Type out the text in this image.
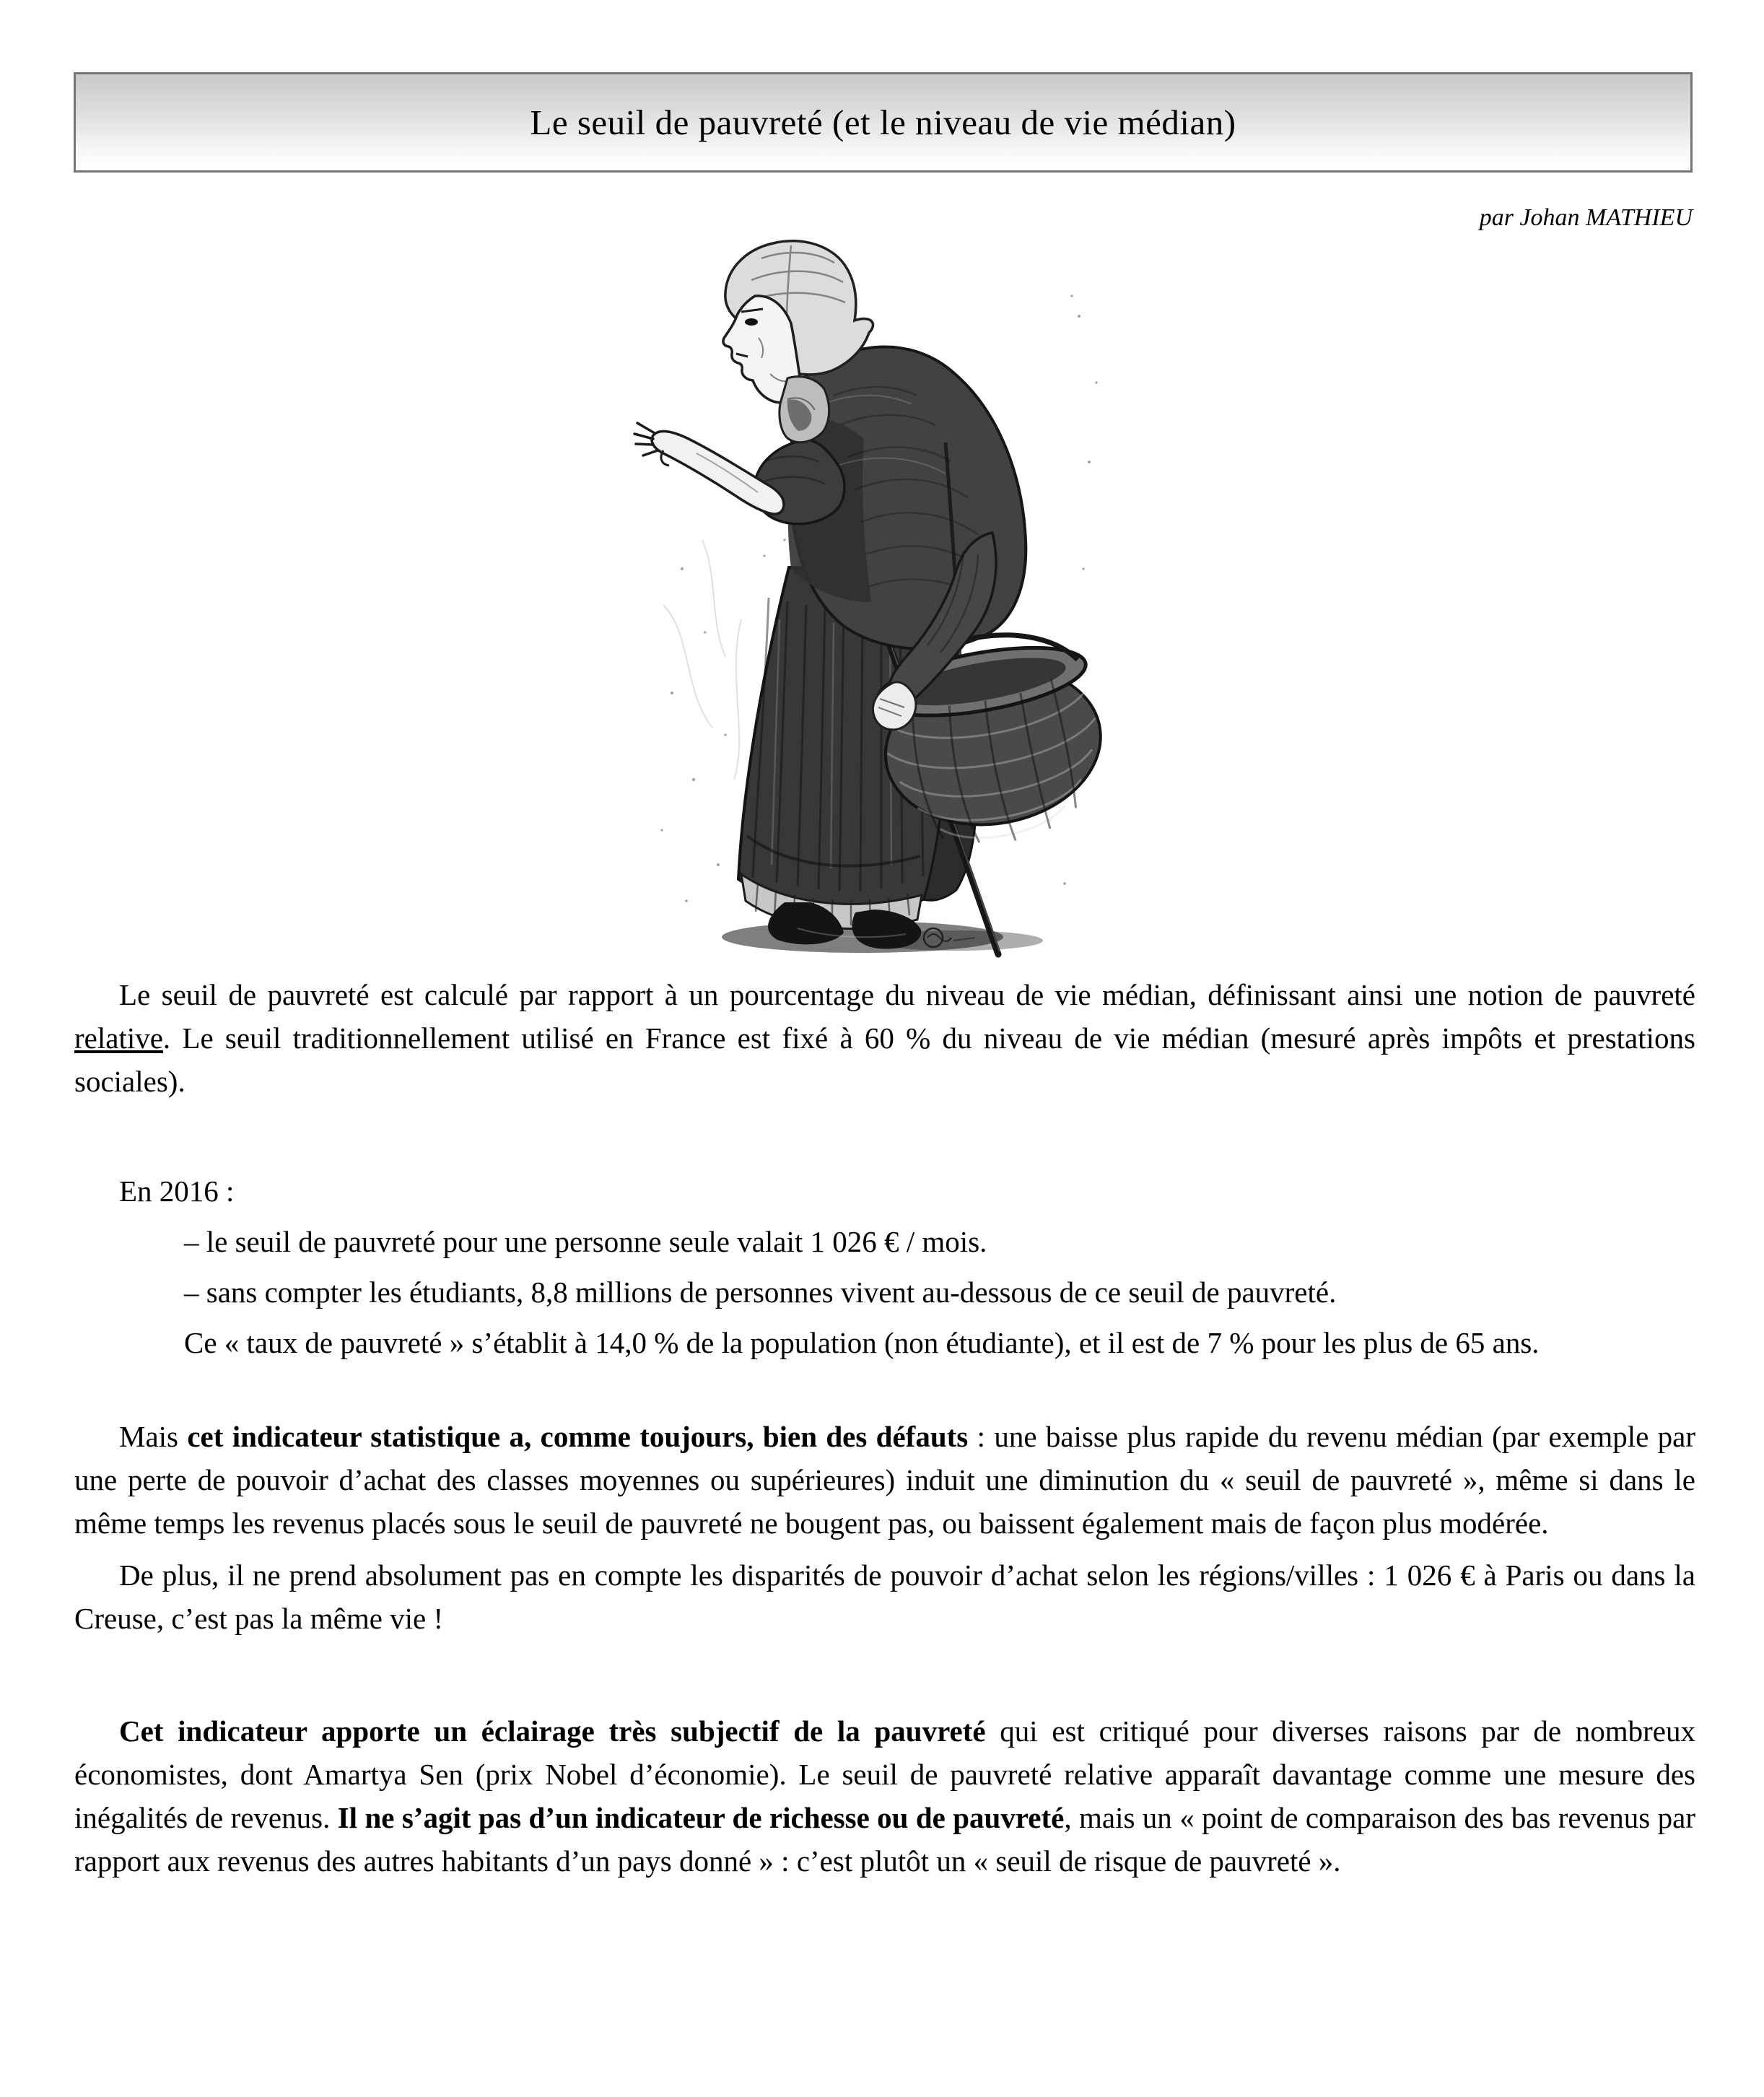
Le seuil de pauvreté (et le niveau de vie médian)
par Johan MATHIEU

Le seuil de pauvreté est calculé par rapport à un pourcentage du niveau de vie médian, définissant ainsi une notion de pauvreté relative. Le seuil traditionnellement utilisé en France est fixé à 60 % du niveau de vie médian (mesuré après impôts et prestations sociales).

En 2016 :

– le seuil de pauvreté pour une personne seule valait 1 026 € / mois.

– sans compter les étudiants, 8,8 millions de personnes vivent au-dessous de ce seuil de pauvreté.

Ce « taux de pauvreté » s’établit à 14,0 % de la population (non étudiante), et il est de 7 % pour les plus de 65 ans.

Mais cet indicateur statistique a, comme toujours, bien des défauts : une baisse plus rapide du revenu médian (par exemple par une perte de pouvoir d’achat des classes moyennes ou supérieures) induit une diminution du « seuil de pauvreté », même si dans le même temps les revenus placés sous le seuil de pauvreté ne bougent pas, ou baissent également mais de façon plus modérée.

De plus, il ne prend absolument pas en compte les disparités de pouvoir d’achat selon les régions/villes : 1 026 € à Paris ou dans la Creuse, c’est pas la même vie !

Cet indicateur apporte un éclairage très subjectif de la pauvreté qui est critiqué pour diverses raisons par de nombreux économistes, dont Amartya Sen (prix Nobel d’économie). Le seuil de pauvreté relative apparaît davantage comme une mesure des inégalités de revenus. Il ne s’agit pas d’un indicateur de richesse ou de pauvreté, mais un « point de comparaison des bas revenus par rapport aux revenus des autres habitants d’un pays donné » : c’est plutôt un « seuil de risque de pauvreté ».
